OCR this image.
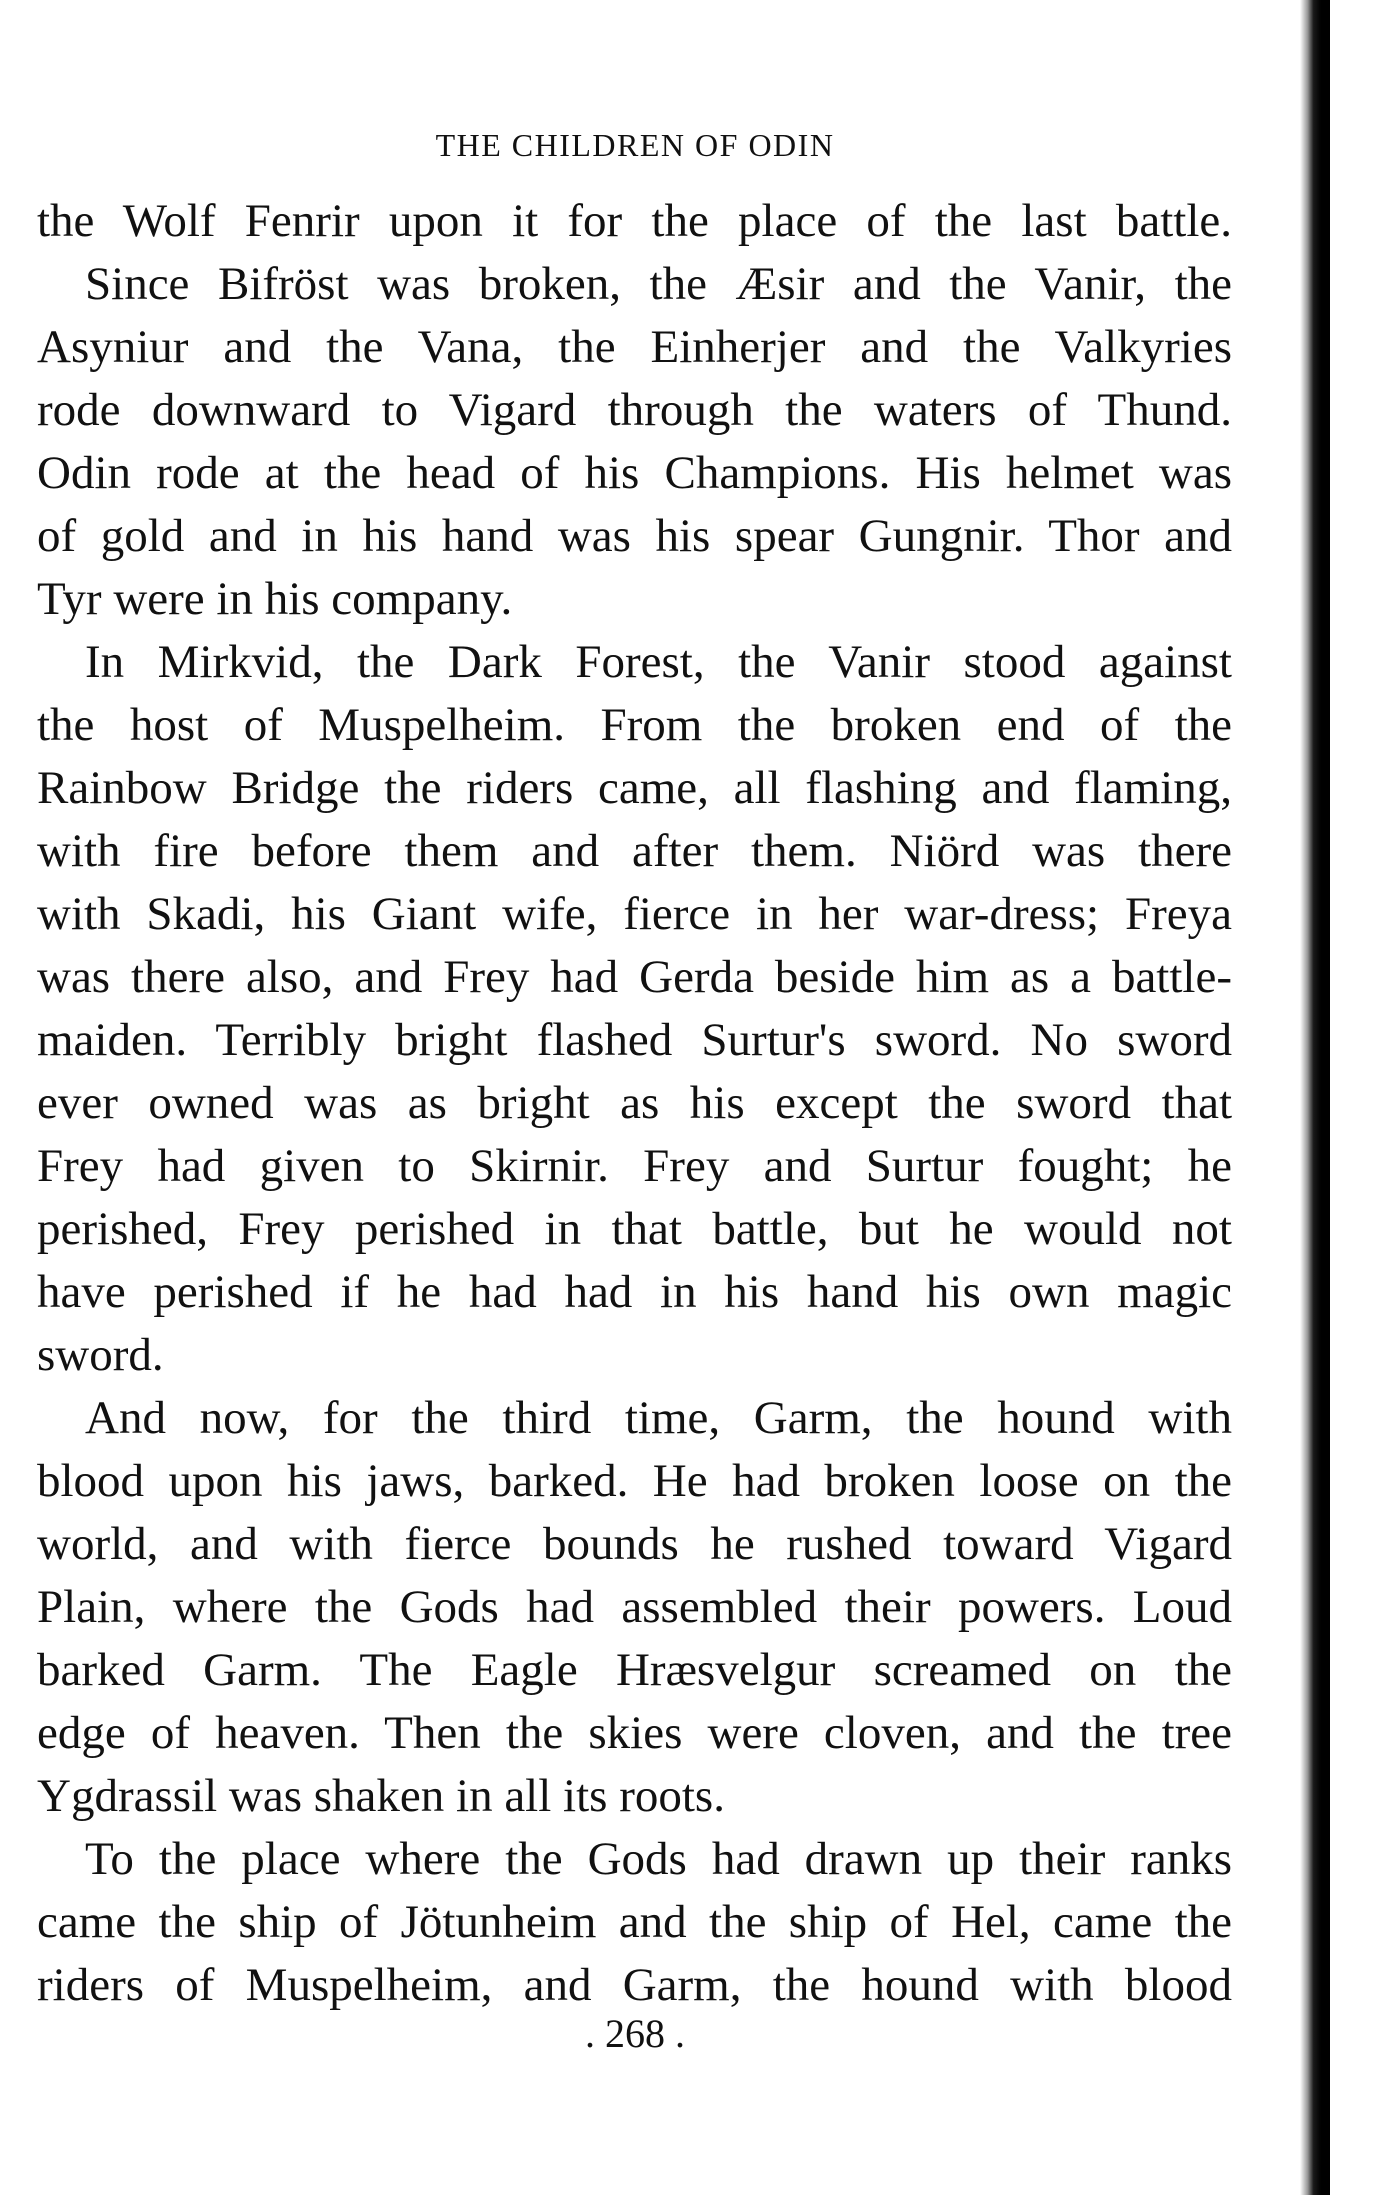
THE CHILDREN OF ODIN
the Wolf Fenrir upon it for the place of the last battle.
Since Bifröst was broken, the Æsir and the Vanir, the
Asyniur and the Vana, the Einherjer and the Valkyries
rode downward to Vigard through the waters of Thund.
Odin rode at the head of his Champions. His helmet was
of gold and in his hand was his spear Gungnir. Thor and
Tyr were in his company.
In Mirkvid, the Dark Forest, the Vanir stood against
the host of Muspelheim. From the broken end of the
Rainbow Bridge the riders came, all flashing and flaming,
with fire before them and after them. Niörd was there
with Skadi, his Giant wife, fierce in her war-dress; Freya
was there also, and Frey had Gerda beside him as a battle-
maiden. Terribly bright flashed Surtur's sword. No sword
ever owned was as bright as his except the sword that
Frey had given to Skirnir. Frey and Surtur fought; he
perished, Frey perished in that battle, but he would not
have perished if he had had in his hand his own magic
sword.
And now, for the third time, Garm, the hound with
blood upon his jaws, barked. He had broken loose on the
world, and with fierce bounds he rushed toward Vigard
Plain, where the Gods had assembled their powers. Loud
barked Garm. The Eagle Hræsvelgur screamed on the
edge of heaven. Then the skies were cloven, and the tree
Ygdrassil was shaken in all its roots.
To the place where the Gods had drawn up their ranks
came the ship of Jötunheim and the ship of Hel, came the
riders of Muspelheim, and Garm, the hound with blood
. 268 .
